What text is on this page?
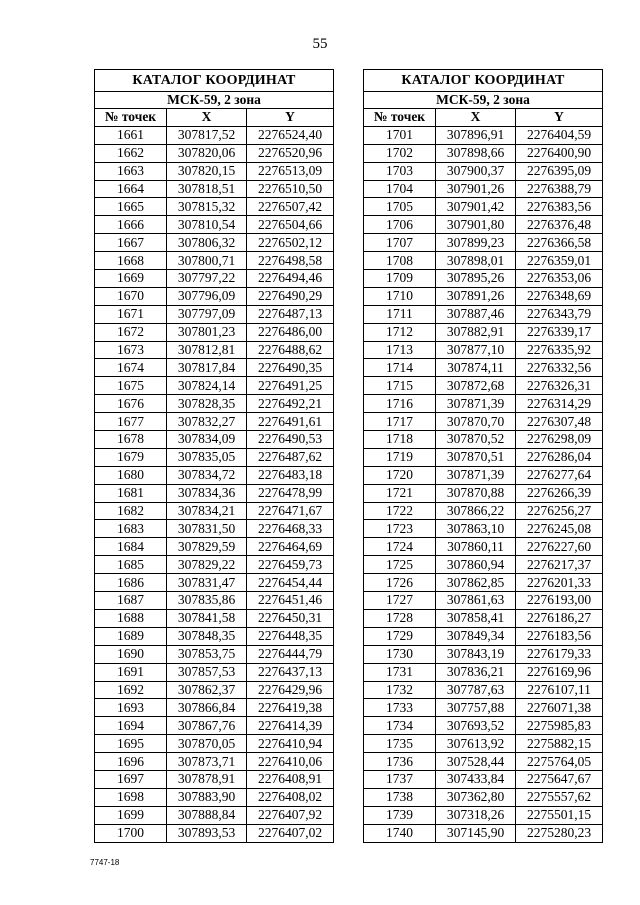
55
КАТАЛОГ КООРДИНАТ		
МСК-59, 2 зона		
№ точек	X	Y
1661	307817,52	2276524,40
1662	307820,06	2276520,96
1663	307820,15	2276513,09
1664	307818,51	2276510,50
1665	307815,32	2276507,42
1666	307810,54	2276504,66
1667	307806,32	2276502,12
1668	307800,71	2276498,58
1669	307797,22	2276494,46
1670	307796,09	2276490,29
1671	307797,09	2276487,13
1672	307801,23	2276486,00
1673	307812,81	2276488,62
1674	307817,84	2276490,35
1675	307824,14	2276491,25
1676	307828,35	2276492,21
1677	307832,27	2276491,61
1678	307834,09	2276490,53
1679	307835,05	2276487,62
1680	307834,72	2276483,18
1681	307834,36	2276478,99
1682	307834,21	2276471,67
1683	307831,50	2276468,33
1684	307829,59	2276464,69
1685	307829,22	2276459,73
1686	307831,47	2276454,44
1687	307835,86	2276451,46
1688	307841,58	2276450,31
1689	307848,35	2276448,35
1690	307853,75	2276444,79
1691	307857,53	2276437,13
1692	307862,37	2276429,96
1693	307866,84	2276419,38
1694	307867,76	2276414,39
1695	307870,05	2276410,94
1696	307873,71	2276410,06
1697	307878,91	2276408,91
1698	307883,90	2276408,02
1699	307888,84	2276407,92
1700	307893,53	2276407,02
КАТАЛОГ КООРДИНАТ		
МСК-59, 2 зона		
№ точек	X	Y
1701	307896,91	2276404,59
1702	307898,66	2276400,90
1703	307900,37	2276395,09
1704	307901,26	2276388,79
1705	307901,42	2276383,56
1706	307901,80	2276376,48
1707	307899,23	2276366,58
1708	307898,01	2276359,01
1709	307895,26	2276353,06
1710	307891,26	2276348,69
1711	307887,46	2276343,79
1712	307882,91	2276339,17
1713	307877,10	2276335,92
1714	307874,11	2276332,56
1715	307872,68	2276326,31
1716	307871,39	2276314,29
1717	307870,70	2276307,48
1718	307870,52	2276298,09
1719	307870,51	2276286,04
1720	307871,39	2276277,64
1721	307870,88	2276266,39
1722	307866,22	2276256,27
1723	307863,10	2276245,08
1724	307860,11	2276227,60
1725	307860,94	2276217,37
1726	307862,85	2276201,33
1727	307861,63	2276193,00
1728	307858,41	2276186,27
1729	307849,34	2276183,56
1730	307843,19	2276179,33
1731	307836,21	2276169,96
1732	307787,63	2276107,11
1733	307757,88	2276071,38
1734	307693,52	2275985,83
1735	307613,92	2275882,15
1736	307528,44	2275764,05
1737	307433,84	2275647,67
1738	307362,80	2275557,62
1739	307318,26	2275501,15
1740	307145,90	2275280,23
7747-18
